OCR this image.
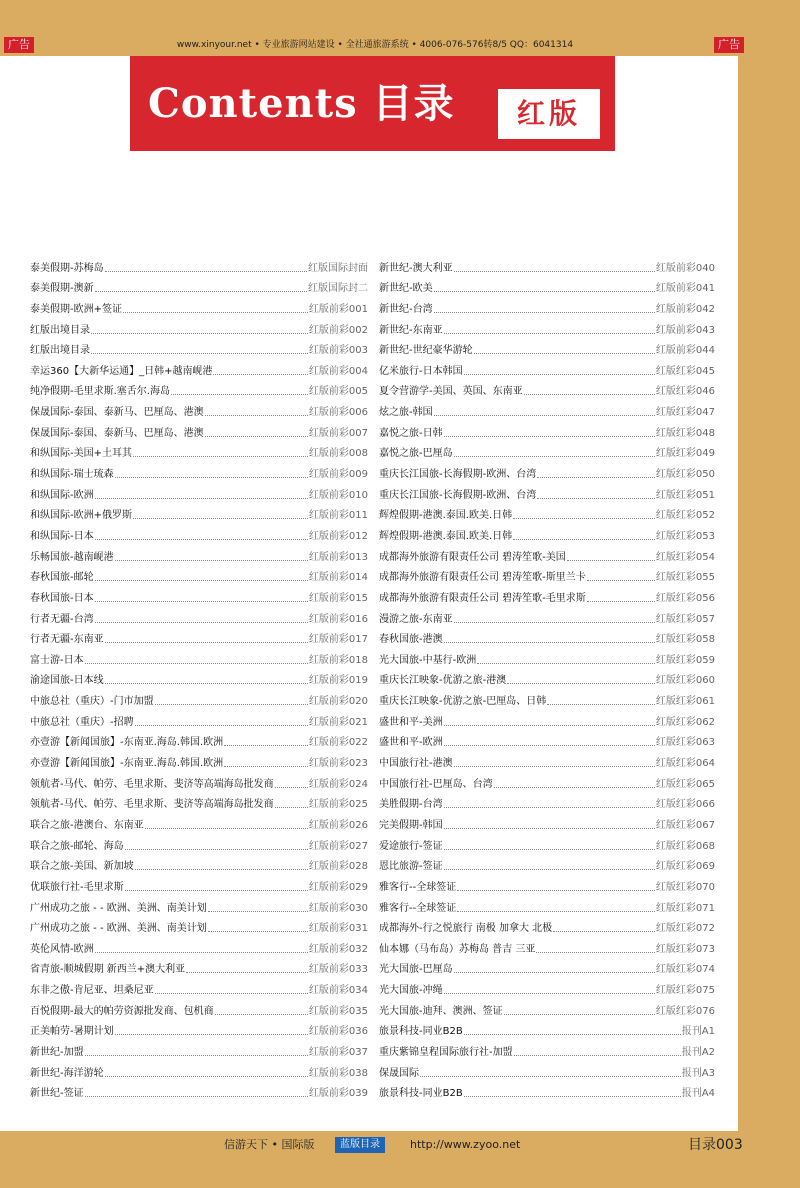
广告	www.xinyour.net • 专业旅游网站建设 • 全社通旅游系统 • 4006-076-576转8/5 QQ：6041314	广告
Contents 目录	红版
泰美假期-苏梅岛	红版国际封面
泰美假期-澳新	红版国际封二
泰美假期-欧洲+签证	红版前彩001
红版出境目录	红版前彩002
红版出境目录	红版前彩003
幸运360【大新华运通】_日韩+越南岘港	红版前彩004
纯净假期-毛里求斯.塞舌尔.海岛	红版前彩005
保晟国际-泰国、泰新马、巴厘岛、港澳	红版前彩006
保晟国际-泰国、泰新马、巴厘岛、港澳	红版前彩007
和纵国际-美国+土耳其	红版前彩008
和纵国际-瑞士琉森	红版前彩009
和纵国际-欧洲	红版前彩010
和纵国际-欧洲+俄罗斯	红版前彩011
和纵国际-日本	红版前彩012
乐畅国旅-越南岘港	红版前彩013
春秋国旅-邮轮	红版前彩014
春秋国旅-日本	红版前彩015
行者无疆-台湾	红版前彩016
行者无疆-东南亚	红版前彩017
富士游-日本	红版前彩018
渝途国旅-日本线	红版前彩019
中旅总社（重庆）-门市加盟	红版前彩020
中旅总社（重庆）-招聘	红版前彩021
亦壹游【新闻国旅】-东南亚.海岛.韩国.欧洲	红版前彩022
亦壹游【新闻国旅】-东南亚.海岛.韩国.欧洲	红版前彩023
领航者-马代、帕劳、毛里求斯、斐济等高端海岛批发商	红版前彩024
领航者-马代、帕劳、毛里求斯、斐济等高端海岛批发商	红版前彩025
联合之旅-港澳台、东南亚	红版前彩026
联合之旅-邮轮、海岛	红版前彩027
联合之旅-美国、新加坡	红版前彩028
优联旅行社-毛里求斯	红版前彩029
广州成功之旅 - - 欧洲、美洲、南美计划	红版前彩030
广州成功之旅 - - 欧洲、美洲、南美计划	红版前彩031
英伦风情-欧洲	红版前彩032
省青旅-顺城假期 新西兰+澳大利亚	红版前彩033
东非之傲-肯尼亚、坦桑尼亚	红版前彩034
百悦假期-最大的帕劳资源批发商、包机商	红版前彩035
正美帕劳-暑期计划	红版前彩036
新世纪-加盟	红版前彩037
新世纪-海洋游轮	红版前彩038
新世纪-签证	红版前彩039
新世纪-澳大利亚	红版前彩040
新世纪-欧美	红版前彩041
新世纪-台湾	红版前彩042
新世纪-东南亚	红版前彩043
新世纪-世纪豪华游轮	红版前彩044
亿米旅行-日本韩国	红版红彩045
夏令营游学-美国、英国、东南亚	红版红彩046
炫之旅-韩国	红版红彩047
嘉悦之旅-日韩	红版红彩048
嘉悦之旅-巴厘岛	红版红彩049
重庆长江国旅-长海假期-欧洲、台湾	红版红彩050
重庆长江国旅-长海假期-欧洲、台湾	红版红彩051
辉煌假期-港澳.泰国.欧美.日韩	红版红彩052
辉煌假期-港澳.泰国.欧美.日韩	红版红彩053
成都海外旅游有限责任公司 碧涛笙歌-美国	红版红彩054
成都海外旅游有限责任公司 碧涛笙歌-斯里兰卡	红版红彩055
成都海外旅游有限责任公司 碧涛笙歌-毛里求斯	红版红彩056
漫游之旅-东南亚	红版红彩057
春秋国旅-港澳	红版红彩058
光大国旅-中基行-欧洲	红版红彩059
重庆长江映象-优游之旅-港澳	红版红彩060
重庆长江映象-优游之旅-巴厘岛、日韩	红版红彩061
盛世和平-美洲	红版红彩062
盛世和平-欧洲	红版红彩063
中国旅行社-港澳	红版红彩064
中国旅行社-巴厘岛、台湾	红版红彩065
美胜假期-台湾	红版红彩066
完美假期-韩国	红版红彩067
爱途旅行-签证	红版红彩068
恩比旅游-签证	红版红彩069
雅客行--全球签证	红版红彩070
雅客行--全球签证	红版红彩071
成都海外-行之悦旅行 南极 加拿大 北极	红版红彩072
仙本娜（马布岛）苏梅岛 普吉 三亚	红版红彩073
光大国旅-巴厘岛	红版红彩074
光大国旅-冲绳	红版红彩075
光大国旅-迪拜、澳洲、签证	红版红彩076
旅景科技-同业B2B	报刊A1
重庆紫锦皇程国际旅行社-加盟	报刊A2
保晟国际	报刊A3
旅景科技-同业B2B	报刊A4
信游天下 • 国际版	蓝版目录	http://www.zyoo.net	目录003
